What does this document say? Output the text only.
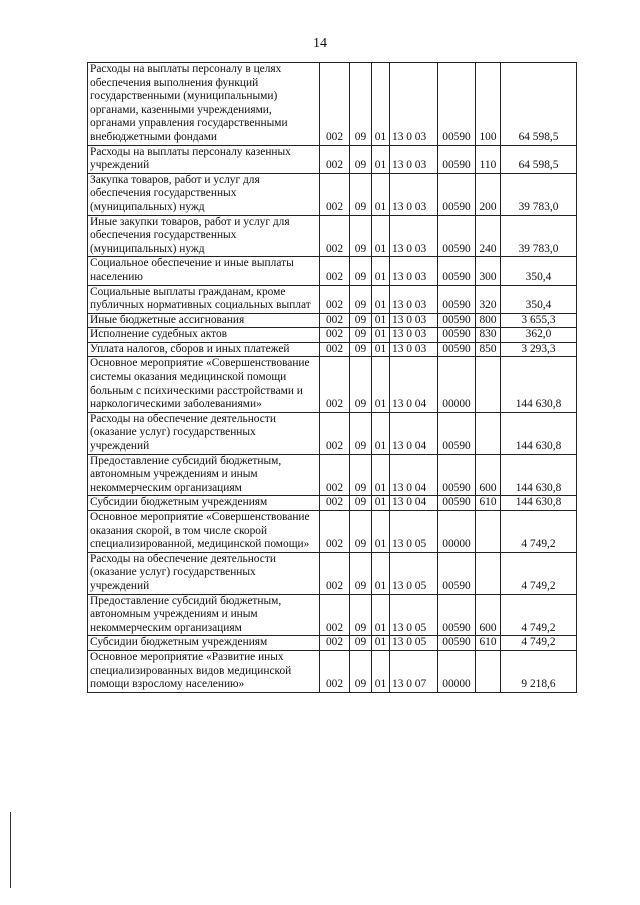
14
Расходы на выплаты персоналу в целях обеспечения выполнения функций государственными (муниципальными) органами, казенными учреждениями, органами управления государственными внебюджетными фондами	002	09	01	13 0 03	00590	100	64 598,5
Расходы на выплаты персоналу казенных учреждений	002	09	01	13 0 03	00590	110	64 598,5
Закупка товаров, работ и услуг для обеспечения государственных (муниципальных) нужд	002	09	01	13 0 03	00590	200	39 783,0
Иные закупки товаров, работ и услуг для обеспечения государственных (муниципальных) нужд	002	09	01	13 0 03	00590	240	39 783,0
Социальное обеспечение и иные выплаты населению	002	09	01	13 0 03	00590	300	350,4
Социальные выплаты гражданам, кроме публичных нормативных социальных выплат	002	09	01	13 0 03	00590	320	350,4
Иные бюджетные ассигнования	002	09	01	13 0 03	00590	800	3 655,3
Исполнение судебных актов	002	09	01	13 0 03	00590	830	362,0
Уплата налогов, сборов и иных платежей	002	09	01	13 0 03	00590	850	3 293,3
Основное мероприятие «Совершенствование системы оказания медицинской помощи больным с психическими расстройствами и наркологическими заболеваниями»	002	09	01	13 0 04	00000		144 630,8
Расходы на обеспечение деятельности (оказание услуг) государственных учреждений	002	09	01	13 0 04	00590		144 630,8
Предоставление субсидий бюджетным, автономным учреждениям и иным некоммерческим организациям	002	09	01	13 0 04	00590	600	144 630,8
Субсидии бюджетным учреждениям	002	09	01	13 0 04	00590	610	144 630,8
Основное мероприятие «Совершенствование оказания скорой, в том числе скорой специализированной, медицинской помощи»	002	09	01	13 0 05	00000		4 749,2
Расходы на обеспечение деятельности (оказание услуг) государственных учреждений	002	09	01	13 0 05	00590		4 749,2
Предоставление субсидий бюджетным, автономным учреждениям и иным некоммерческим организациям	002	09	01	13 0 05	00590	600	4 749,2
Субсидии бюджетным учреждениям	002	09	01	13 0 05	00590	610	4 749,2
Основное мероприятие «Развитие иных специализированных видов медицинской помощи взрослому населению»	002	09	01	13 0 07	00000		9 218,6
